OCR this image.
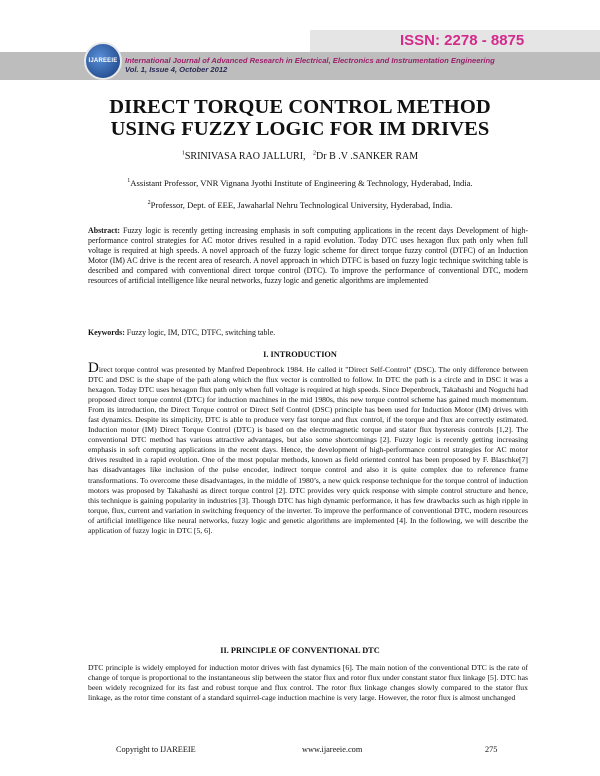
ISSN: 2278 - 8875
IJAREEIE International Journal of Advanced Research in Electrical, Electronics and Instrumentation Engineering
Vol. 1, Issue 4, October 2012
DIRECT TORQUE CONTROL METHOD
USING FUZZY LOGIC FOR IM DRIVES
$^1$SRINIVASA RAO JALLURI, $^2$Dr B .V .SANKER RAM
$^1$Assistant Professor, VNR Vignana Jyothi Institute of Engineering & Technology, Hyderabad, India.
$^2$Professor, Dept. of EEE, Jawaharlal Nehru Technological University, Hyderabad, India.
Abstract: Fuzzy logic is recently getting increasing emphasis in soft computing applications in the recent days Development of high-performance control strategies for AC motor drives resulted in a rapid evolution. Today DTC uses hexagon flux path only when full voltage is required at high speeds. A novel approach of the fuzzy logic scheme for direct torque fuzzy control (DTFC) of an Induction Motor (IM) AC drive is the recent area of research. A novel approach in which DTFC is based on fuzzy logic technique switching table is described and compared with conventional direct torque control (DTC). To improve the performance of conventional DTC, modern resources of artificial intelligence like neural networks, fuzzy logic and genetic algorithms are implemented
Keywords: Fuzzy logic, IM, DTC, DTFC, switching table.
I. INTRODUCTION
Direct torque control was presented by Manfred Depenbrock 1984. He called it "Direct Self-Control" (DSC). The only difference between DTC and DSC is the shape of the path along which the flux vector is controlled to follow. In DTC the path is a circle and in DSC it was a hexagon. Today DTC uses hexagon flux path only when full voltage is required at high speeds. Since Depenbrock, Takahashi and Noguchi had proposed direct torque control (DTC) for induction machines in the mid 1980s, this new torque control scheme has gained much momentum. From its introduction, the Direct Torque control or Direct Self Control (DSC) principle has been used for Induction Motor (IM) drives with fast dynamics. Despite its simplicity, DTC is able to produce very fast torque and flux control, if the torque and flux are correctly estimated. Induction motor (IM) Direct Torque Control (DTC) is based on the electromagnetic torque and stator flux hysteresis controls [1,2]. The conventional DTC method has various attractive advantages, but also some shortcomings [2]. Fuzzy logic is recently getting increasing emphasis in soft computing applications in the recent days. Hence, the development of high-performance control strategies for AC motor drives resulted in a rapid evolution. One of the most popular methods, known as field oriented control has been proposed by F. Blaschke[7] has disadvantages like inclusion of the pulse encoder, indirect torque control and also it is quite complex due to reference frame transformations. To overcome these disadvantages, in the middle of 1980’s, a new quick response technique for the torque control of induction motors was proposed by Takahashi as direct torque control [2]. DTC provides very quick response with simple control structure and hence, this technique is gaining popularity in industries [3]. Though DTC has high dynamic performance, it has few drawbacks such as high ripple in torque, flux, current and variation in switching frequency of the inverter. To improve the performance of conventional DTC, modern resources of artificial intelligence like neural networks, fuzzy logic and genetic algorithms are implemented [4]. In the following, we will describe the application of fuzzy logic in DTC [5, 6].
II. PRINCIPLE OF CONVENTIONAL DTC
DTC principle is widely employed for induction motor drives with fast dynamics [6]. The main notion of the conventional DTC is the rate of change of torque is proportional to the instantaneous slip between the stator flux and rotor flux under constant stator flux linkage [5]. DTC has been widely recognized for its fast and robust torque and flux control. The rotor flux linkage changes slowly compared to the stator flux linkage, as the rotor time constant of a standard squirrel-cage induction machine is very large. However, the rotor flux is almost unchanged
Copyright to IJAREEIE	www.ijareeie.com	275
